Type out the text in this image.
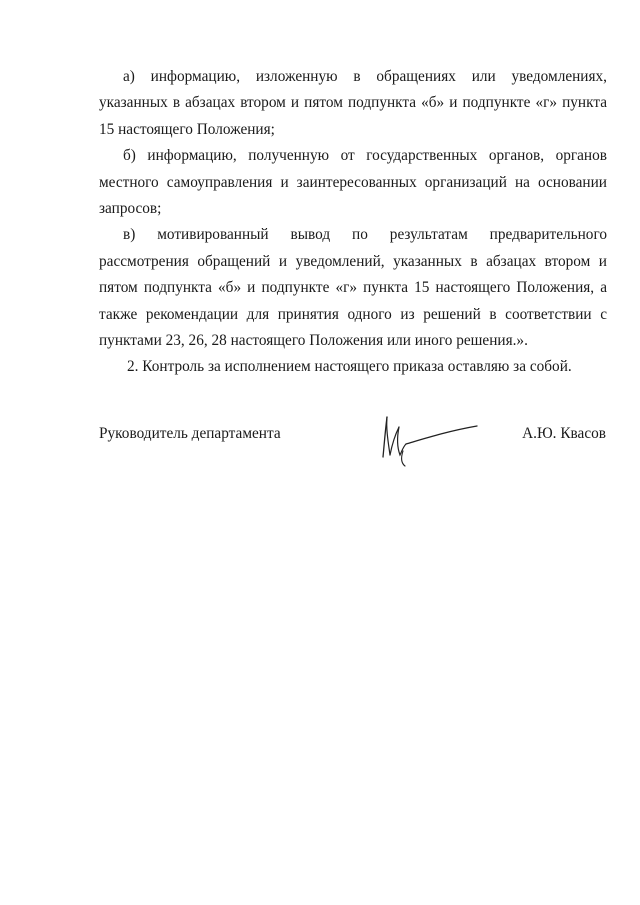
а) информацию, изложенную в обращениях или уведомлениях, указанных в абзацах втором и пятом подпункта «б» и подпункте «г» пункта 15 настоящего Положения;

б) информацию, полученную от государственных органов, органов местного самоуправления и заинтересованных организаций на основании запросов;

в) мотивированный вывод по результатам предварительного рассмотрения обращений и уведомлений, указанных в абзацах втором и пятом подпункта «б» и подпункте «г» пункта 15 настоящего Положения, а также рекомендации для принятия одного из решений в соответствии с пунктами 23, 26, 28 настоящего Положения или иного решения.».

2. Контроль за исполнением настоящего приказа оставляю за собой.

Руководитель департамента	А.Ю. Квасов
